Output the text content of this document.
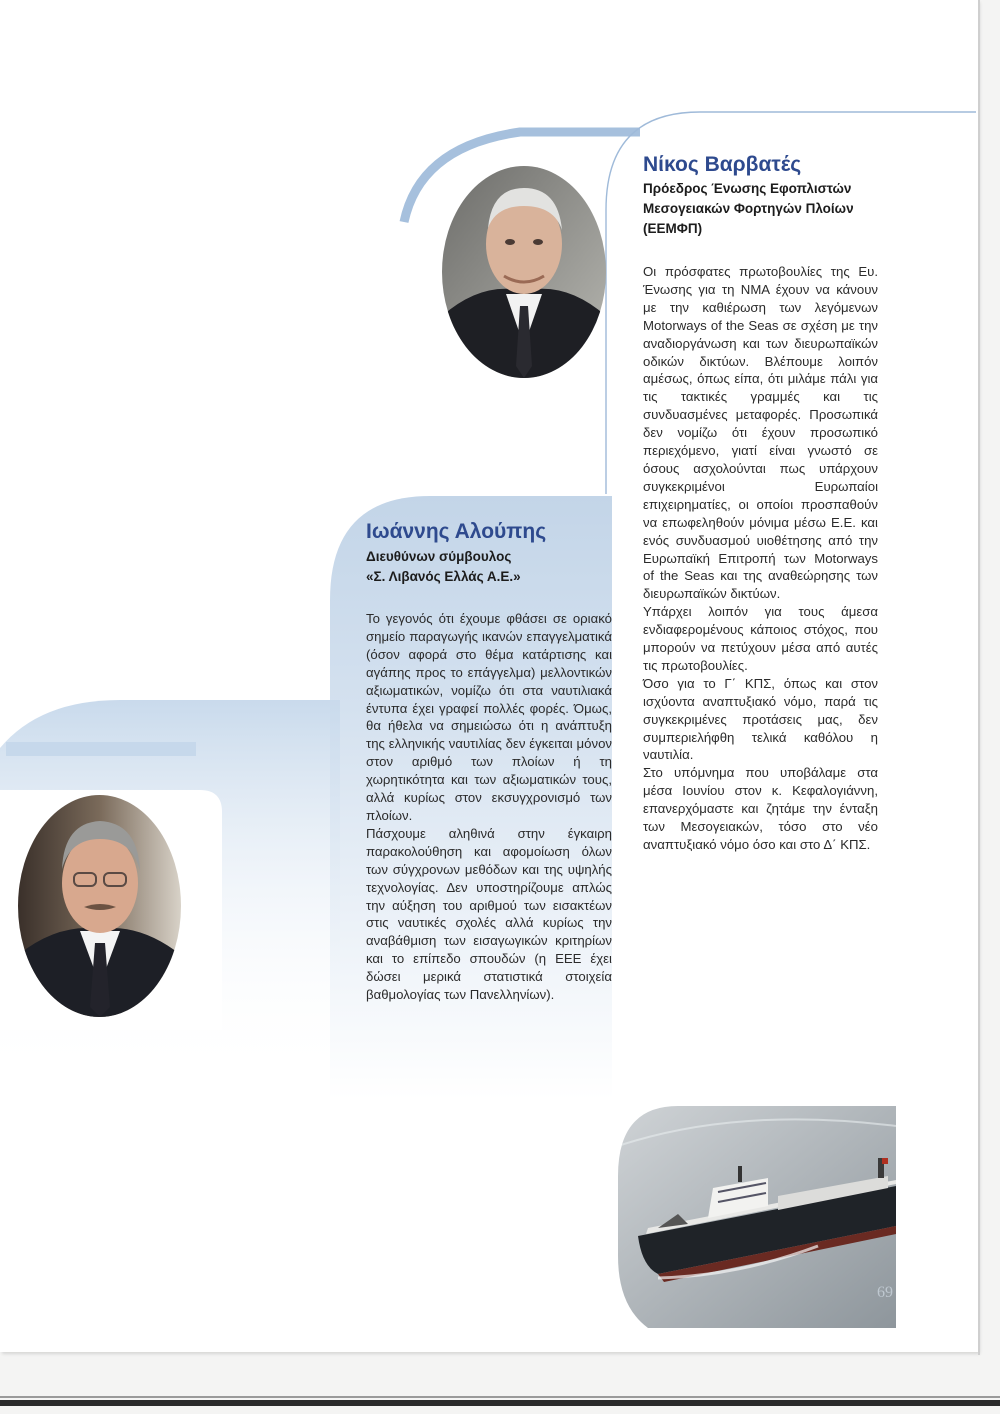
Νίκος Βαρβατές
Πρόεδρος Ένωσης Εφοπλιστών
Μεσογειακών Φορτηγών Πλοίων
(ΕΕΜΦΠ)

Οι πρόσφατες πρωτοβουλίες της Ευ. Ένωσης για τη ΝΜΑ έχουν να κάνουν με την καθιέρωση των λεγόμενων Motorways of the Seas σε σχέση με την αναδιοργάνωση και των διευρωπαϊκών οδικών δικτύων. Βλέπουμε λοιπόν αμέσως, όπως είπα, ότι μιλάμε πάλι για τις τακτικές γραμμές και τις συνδυασμένες μεταφορές. Προσωπικά δεν νομίζω ότι έχουν προσωπικό περιεχόμενο, γιατί είναι γνωστό σε όσους ασχολούνται πως υπάρχουν συγκεκριμένοι Ευρωπαίοι επιχειρηματίες, οι οποίοι προσπαθούν να επωφεληθούν μόνιμα μέσω Ε.Ε. και ενός συνδυασμού υιοθέτησης από την Ευρωπαϊκή Επιτροπή των Motorways of the Seas και της αναθεώρησης των διευρωπαϊκών δικτύων.

Υπάρχει λοιπόν για τους άμεσα ενδιαφερομένους κάποιος στόχος, που μπορούν να πετύχουν μέσα από αυτές τις πρωτοβουλίες.

Όσο για το Γ΄ ΚΠΣ, όπως και στον ισχύοντα αναπτυξιακό νόμο, παρά τις συγκεκριμένες προτάσεις μας, δεν συμπεριελήφθη τελικά καθόλου η ναυτιλία.

Στο υπόμνημα που υποβάλαμε στα μέσα Ιουνίου στον κ. Κεφαλογιάννη, επανερχόμαστε και ζητάμε την ένταξη των Μεσογειακών, τόσο στο νέο αναπτυξιακό νόμο όσο και στο Δ΄ ΚΠΣ.

Ιωάννης Αλούπης
Διευθύνων σύμβουλος
«Σ. Λιβανός Ελλάς Α.Ε.»

Το γεγονός ότι έχουμε φθάσει σε οριακό σημείο παραγωγής ικανών επαγγελματικά (όσον αφορά στο θέμα κατάρτισης και αγάπης προς το επάγγελμα) μελλοντικών αξιωματικών, νομίζω ότι στα ναυτιλιακά έντυπα έχει γραφεί πολλές φορές. Όμως, θα ήθελα να σημειώσω ότι η ανάπτυξη της ελληνικής ναυτιλίας δεν έγκειται μόνον στον αριθμό των πλοίων ή τη χωρητικότητα και των αξιωματικών τους, αλλά κυρίως στον εκσυγχρονισμό των πλοίων.

Πάσχουμε αληθινά στην έγκαιρη παρακολούθηση και αφομοίωση όλων των σύγχρονων μεθόδων και της υψηλής τεχνολογίας. Δεν υποστηρίζουμε απλώς την αύξηση του αριθμού των εισακτέων στις ναυτικές σχολές αλλά κυρίως την αναβάθμιση των εισαγωγικών κριτηρίων και το επίπεδο σπουδών (η ΕΕΕ έχει δώσει μερικά στατιστικά στοιχεία βαθμολογίας των Πανελληνίων).

69
